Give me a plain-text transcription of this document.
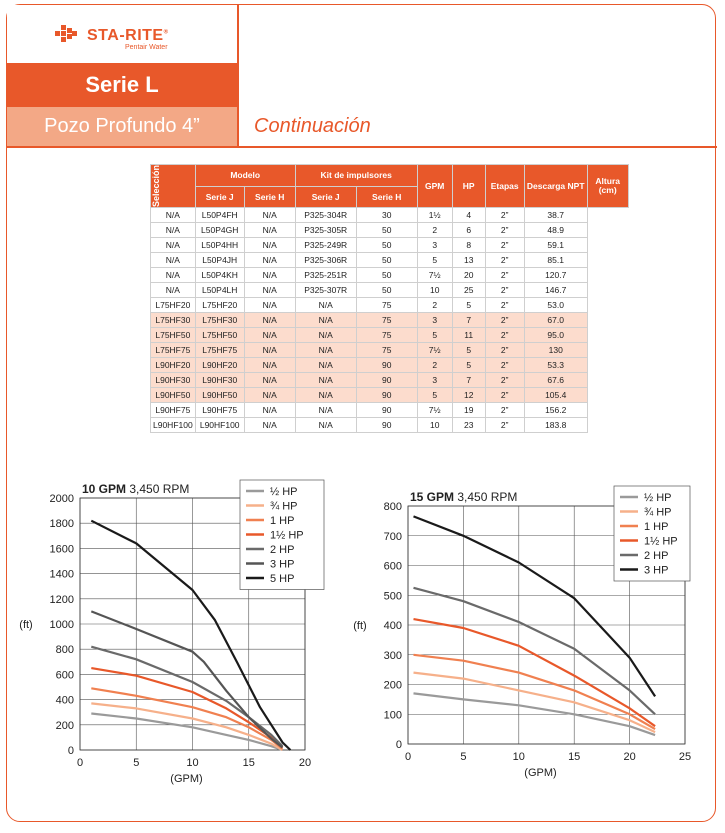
STA-RITE®
Pentair Water
Serie L
Pozo Profundo 4”	Continuación
Selección	Modelo		Kit de impulsores		GPM	HP	Etapas	Descarga NPT	Altura (cm)
	Serie J	Serie H	Serie J	Serie H					
N/A	L50P4FH	N/A	P325-304R	30	1½	4	2”	38.7	
N/A	L50P4GH	N/A	P325-305R	50	2	6	2”	48.9	
N/A	L50P4HH	N/A	P325-249R	50	3	8	2”	59.1	
N/A	L50P4JH	N/A	P325-306R	50	5	13	2”	85.1	
N/A	L50P4KH	N/A	P325-251R	50	7½	20	2”	120.7	
N/A	L50P4LH	N/A	P325-307R	50	10	25	2”	146.7	
L75HF20	L75HF20	N/A	N/A	75	2	5	2”	53.0	
L75HF30	L75HF30	N/A	N/A	75	3	7	2”	67.0	
L75HF50	L75HF50	N/A	N/A	75	5	11	2”	95.0	
L75HF75	L75HF75	N/A	N/A	75	7½	5	2”	130	
L90HF20	L90HF20	N/A	N/A	90	2	5	2”	53.3	
L90HF30	L90HF30	N/A	N/A	90	3	7	2”	67.6	
L90HF50	L90HF50	N/A	N/A	90	5	12	2”	105.4	
L90HF75	L90HF75	N/A	N/A	90	7½	19	2”	156.2	
L90HF100	L90HF100	N/A	N/A	90	10	23	2”	183.8	
0	5	10	15	20
0
200
400
600
800
1000
1200
1400
1600
1800
2000
10 GPM 3,450 RPM
(ft)
(GPM)
½ HP
¾ HP
1 HP
1½ HP
2 HP
3 HP
5 HP
0	5	10	15	20	25
0
100
200
300
400
500
600
700
800
15 GPM 3,450 RPM
(ft)
(GPM)
½ HP
¾ HP
1 HP
1½ HP
2 HP
3 HP
